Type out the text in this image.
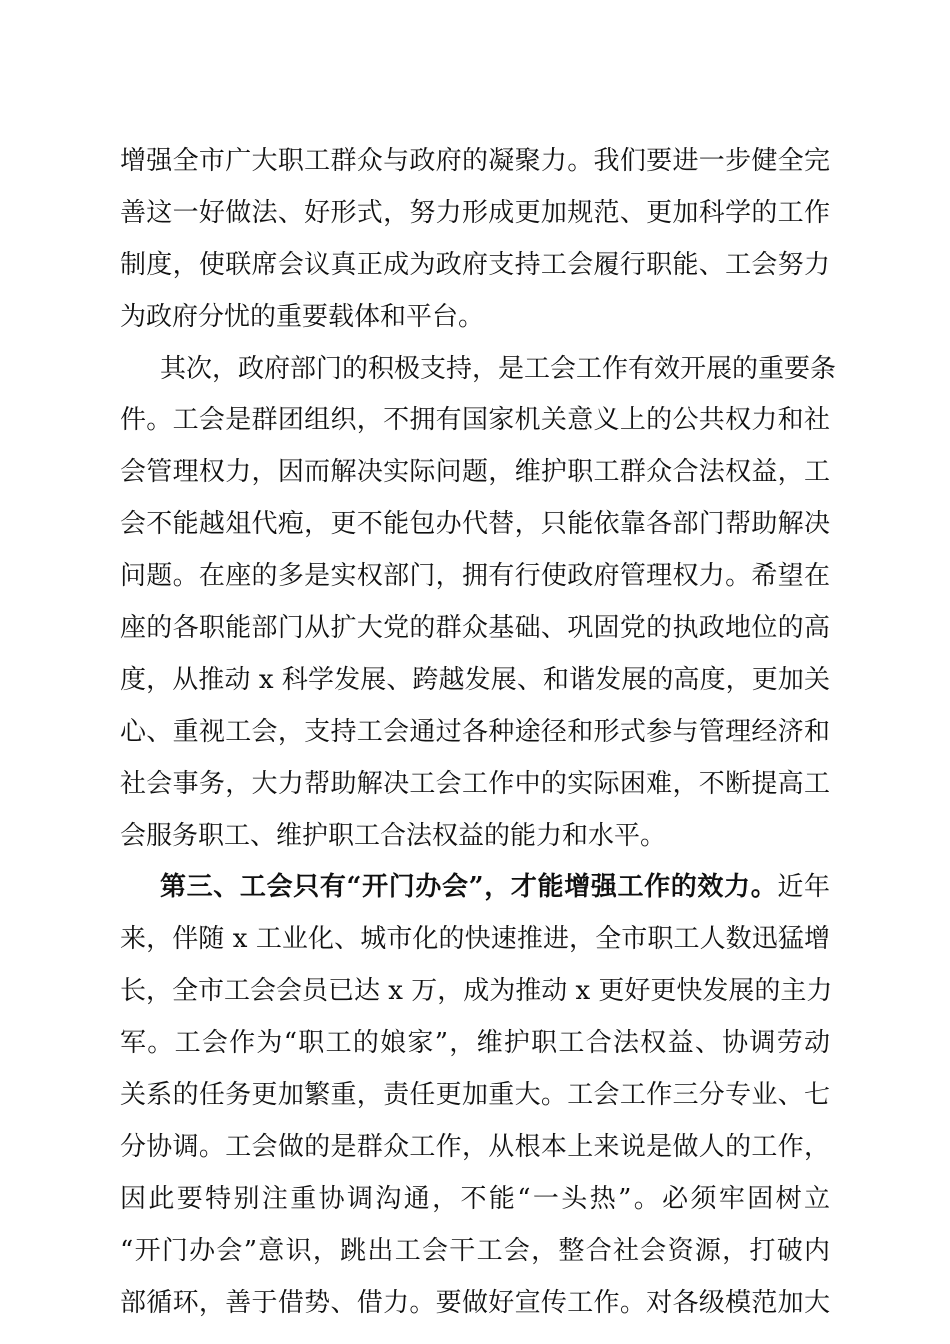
增强全市广大职工群众与政府的凝聚力。我们要进一步健全完
善这一好做法、好形式，努力形成更加规范、更加科学的工作
制度，使联席会议真正成为政府支持工会履行职能、工会努力
为政府分忧的重要载体和平台。
其次，政府部门的积极支持，是工会工作有效开展的重要条
件。工会是群团组织，不拥有国家机关意义上的公共权力和社
会管理权力，因而解决实际问题，维护职工群众合法权益，工
会不能越俎代疱，更不能包办代替，只能依靠各部门帮助解决
问题。在座的多是实权部门，拥有行使政府管理权力。希望在
座的各职能部门从扩大党的群众基础、巩固党的执政地位的高
度，从推动 x 科学发展、跨越发展、和谐发展的高度，更加关
心、重视工会，支持工会通过各种途径和形式参与管理经济和
社会事务，大力帮助解决工会工作中的实际困难，不断提高工
会服务职工、维护职工合法权益的能力和水平。
第三、工会只有“开门办会”，才能增强工作的效力。近年
来，伴随 x 工业化、城市化的快速推进，全市职工人数迅猛增
长，全市工会会员已达 x 万，成为推动 x 更好更快发展的主力
军。工会作为“职工的娘家”，维护职工合法权益、协调劳动
关系的任务更加繁重，责任更加重大。工会工作三分专业、七
分协调。工会做的是群众工作，从根本上来说是做人的工作，
因此要特别注重协调沟通，不能“一头热”。必须牢固树立
“开门办会”意识，跳出工会干工会，整合社会资源，打破内
部循环，善于借势、借力。要做好宣传工作。对各级模范加大
